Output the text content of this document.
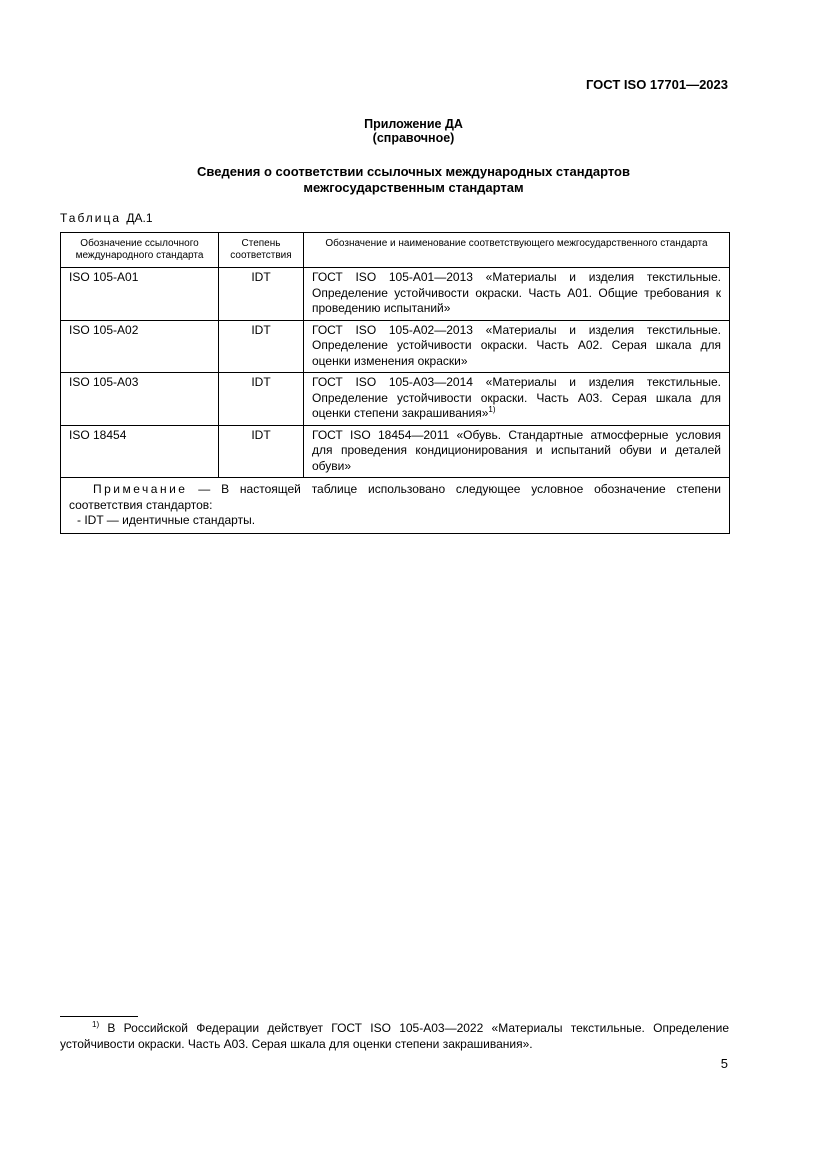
ГОСТ ISO 17701—2023
Приложение ДА
(справочное)
Сведения о соответствии ссылочных международных стандартов
межгосударственным стандартам
Таблица ДА.1
Обозначение ссылочного международного стандарта	Степень соответствия	Обозначение и наименование соответствующего межгосударственного стандарта
ISO 105-A01	IDT	ГОСТ ISO 105-A01—2013 «Материалы и изделия текстильные. Определение устойчивости окраски. Часть A01. Общие требования к проведению испытаний»
ISO 105-A02	IDT	ГОСТ ISO 105-A02—2013 «Материалы и изделия текстильные. Определение устойчивости окраски. Часть A02. Серая шкала для оценки изменения окраски»
ISO 105-A03	IDT	ГОСТ ISO 105-A03—2014 «Материалы и изделия текстильные. Определение устойчивости окраски. Часть A03. Серая шкала для оценки степени закрашивания»$^{1)}$
ISO 18454	IDT	ГОСТ ISO 18454—2011 «Обувь. Стандартные атмосферные условия для проведения кондиционирования и испытаний обуви и деталей обуви»

Примечание — В настоящей таблице использовано следующее условное обозначение степени соответствия стандартов:
- IDT — идентичные стандарты.		
$^{1)}$ В Российской Федерации действует ГОСТ ISO 105-A03—2022 «Материалы текстильные. Определение устойчивости окраски. Часть A03. Серая шкала для оценки степени закрашивания».
5
